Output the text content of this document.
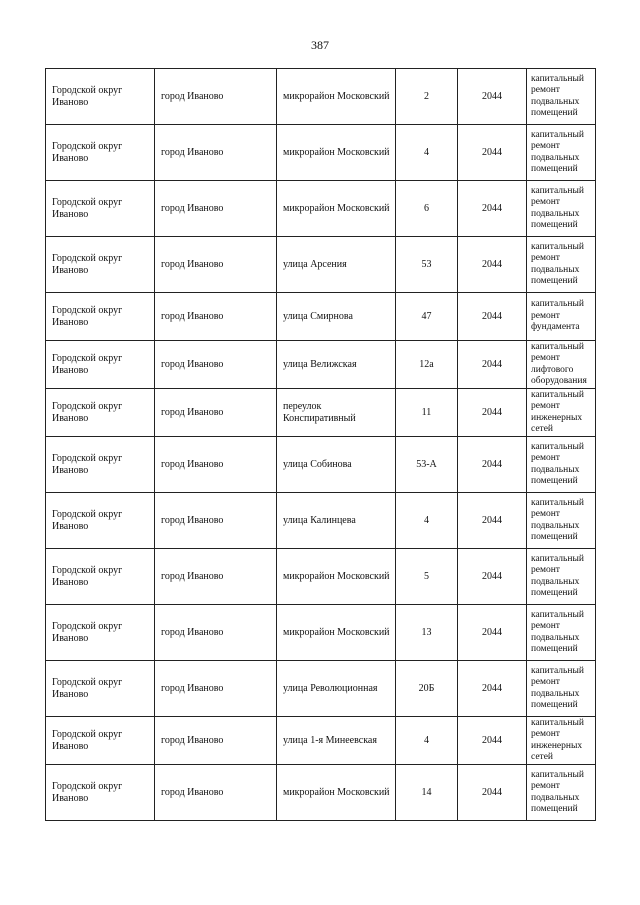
387
Городской округ Иваново	город Иваново	микрорайон Московский	2	2044	капитальный ремонт подвальных помещений
Городской округ Иваново	город Иваново	микрорайон Московский	4	2044	капитальный ремонт подвальных помещений
Городской округ Иваново	город Иваново	микрорайон Московский	6	2044	капитальный ремонт подвальных помещений
Городской округ Иваново	город Иваново	улица Арсения	53	2044	капитальный ремонт подвальных помещений
Городской округ Иваново	город Иваново	улица Смирнова	47	2044	капитальный ремонт фундамента
Городской округ Иваново	город Иваново	улица Велижская	12а	2044	капитальный ремонт лифтового оборудования
Городской округ Иваново	город Иваново	переулок Конспиративный	11	2044	капитальный ремонт инженерных сетей
Городской округ Иваново	город Иваново	улица Собинова	53-А	2044	капитальный ремонт подвальных помещений
Городской округ Иваново	город Иваново	улица Калинцева	4	2044	капитальный ремонт подвальных помещений
Городской округ Иваново	город Иваново	микрорайон Московский	5	2044	капитальный ремонт подвальных помещений
Городской округ Иваново	город Иваново	микрорайон Московский	13	2044	капитальный ремонт подвальных помещений
Городской округ Иваново	город Иваново	улица Революционная	20Б	2044	капитальный ремонт подвальных помещений
Городской округ Иваново	город Иваново	улица 1-я Минеевская	4	2044	капитальный ремонт инженерных сетей
Городской округ Иваново	город Иваново	микрорайон Московский	14	2044	капитальный ремонт подвальных помещений
